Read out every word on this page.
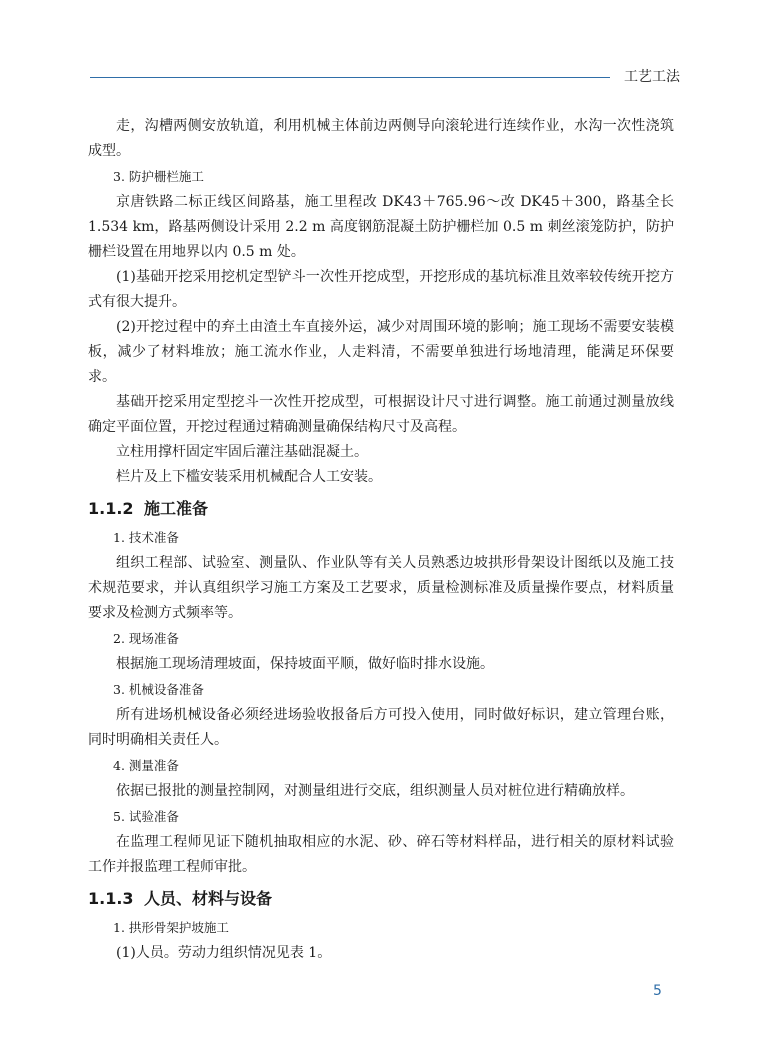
工艺工法

走，沟槽两侧安放轨道，利用机械主体前边两侧导向滚轮进行连续作业，水沟一次性浇筑成型。

3. 防护栅栏施工

京唐铁路二标正线区间路基，施工里程改 DK43＋765.96～改 DK45＋300，路基全长1.534 km，路基两侧设计采用 2.2 m 高度钢筋混凝土防护栅栏加 0.5 m 刺丝滚笼防护，防护栅栏设置在用地界以内 0.5 m 处。

(1)基础开挖采用挖机定型铲斗一次性开挖成型，开挖形成的基坑标准且效率较传统开挖方式有很大提升。

(2)开挖过程中的弃土由渣土车直接外运，减少对周围环境的影响；施工现场不需要安装模板，减少了材料堆放；施工流水作业，人走料清，不需要单独进行场地清理，能满足环保要求。

基础开挖采用定型挖斗一次性开挖成型，可根据设计尺寸进行调整。施工前通过测量放线确定平面位置，开挖过程通过精确测量确保结构尺寸及高程。

立柱用撑杆固定牢固后灌注基础混凝土。

栏片及上下槛安装采用机械配合人工安装。

1.1.2 施工准备

1. 技术准备

组织工程部、试验室、测量队、作业队等有关人员熟悉边坡拱形骨架设计图纸以及施工技术规范要求，并认真组织学习施工方案及工艺要求，质量检测标准及质量操作要点，材料质量要求及检测方式频率等。

2. 现场准备

根据施工现场清理坡面，保持坡面平顺，做好临时排水设施。

3. 机械设备准备

所有进场机械设备必须经进场验收报备后方可投入使用，同时做好标识，建立管理台账，同时明确相关责任人。

4. 测量准备

依据已报批的测量控制网，对测量组进行交底，组织测量人员对桩位进行精确放样。

5. 试验准备

在监理工程师见证下随机抽取相应的水泥、砂、碎石等材料样品，进行相关的原材料试验工作并报监理工程师审批。

1.1.3 人员、材料与设备

1. 拱形骨架护坡施工

(1)人员。劳动力组织情况见表 1。

5
